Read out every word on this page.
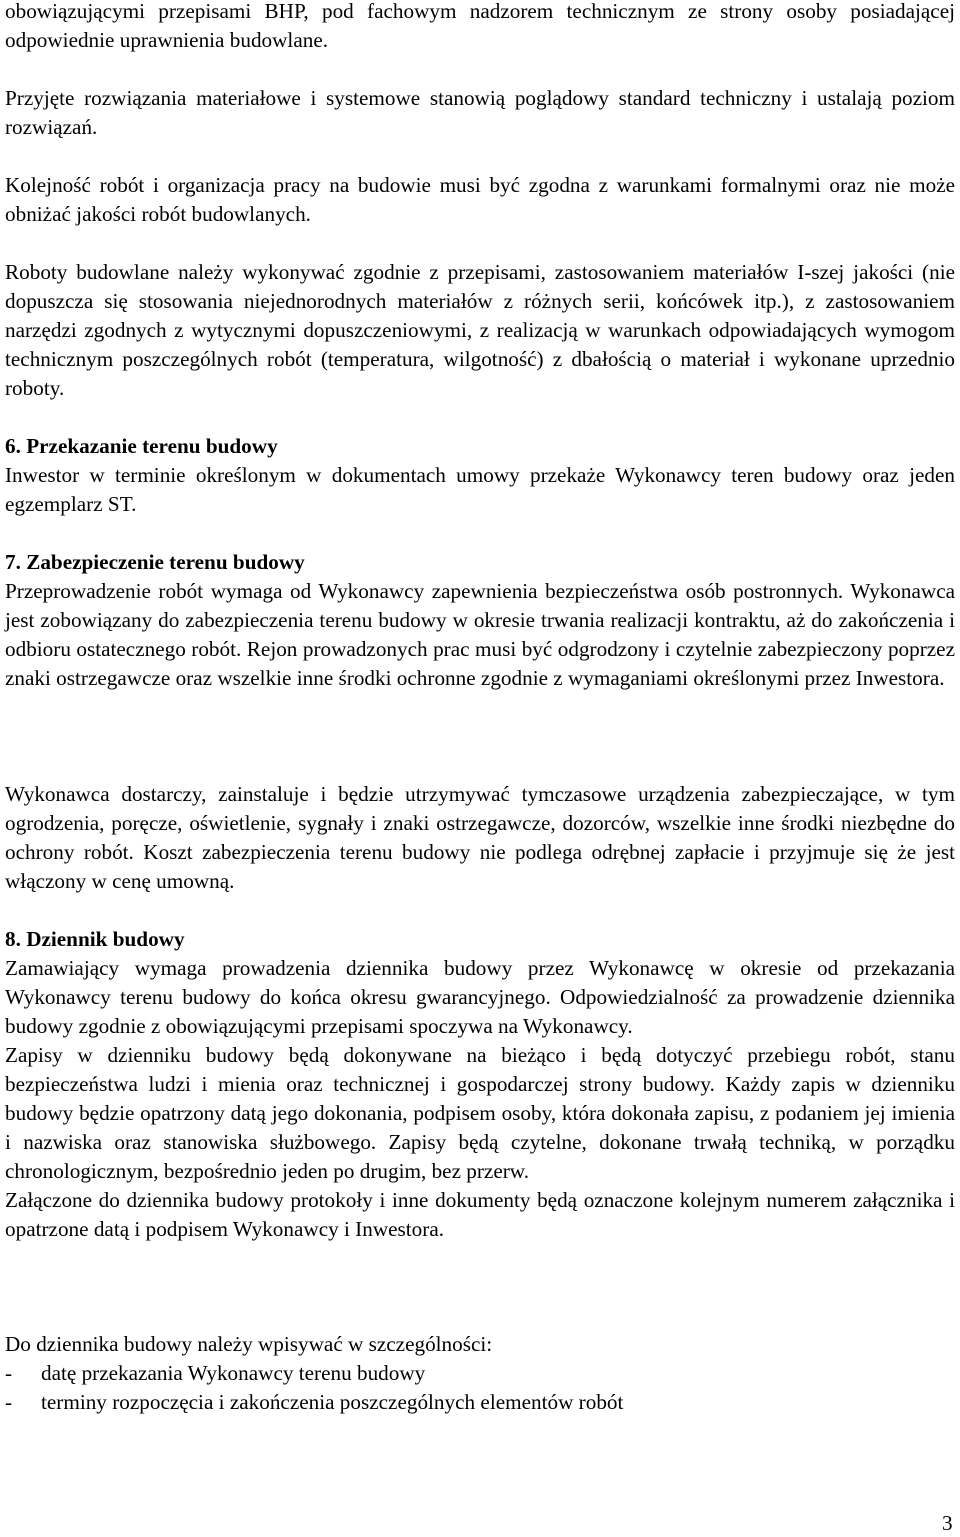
obowiązującymi przepisami BHP, pod fachowym nadzorem technicznym ze strony osoby posiadającej odpowiednie uprawnienia budowlane.

Przyjęte rozwiązania materiałowe i systemowe stanowią poglądowy standard techniczny i ustalają poziom rozwiązań.

Kolejność robót i organizacja pracy na budowie musi być zgodna z warunkami formalnymi oraz nie może obniżać jakości robót budowlanych.

Roboty budowlane należy wykonywać zgodnie z przepisami, zastosowaniem materiałów I-szej jakości (nie dopuszcza się stosowania niejednorodnych materiałów z różnych serii, końcówek itp.), z zastosowaniem narzędzi zgodnych z wytycznymi dopuszczeniowymi, z realizacją w warunkach odpowiadających wymogom technicznym poszczególnych robót (temperatura, wilgotność) z dbałością o materiał i wykonane uprzednio roboty.

6. Przekazanie terenu budowy

Inwestor w terminie określonym w dokumentach umowy przekaże Wykonawcy teren budowy oraz jeden egzemplarz ST.

7. Zabezpieczenie terenu budowy

Przeprowadzenie robót wymaga od Wykonawcy zapewnienia bezpieczeństwa osób postronnych. Wykonawca jest zobowiązany do zabezpieczenia terenu budowy w okresie trwania realizacji kontraktu, aż do zakończenia i odbioru ostatecznego robót. Rejon prowadzonych prac musi być odgrodzony i czytelnie zabezpieczony poprzez znaki ostrzegawcze oraz wszelkie inne środki ochronne zgodnie z wymaganiami określonymi przez Inwestora.

Wykonawca dostarczy, zainstaluje i będzie utrzymywać tymczasowe urządzenia zabezpieczające, w tym ogrodzenia, poręcze, oświetlenie, sygnały i znaki ostrzegawcze, dozorców, wszelkie inne środki niezbędne do ochrony robót. Koszt zabezpieczenia terenu budowy nie podlega odrębnej zapłacie i przyjmuje się że jest włączony w cenę umowną.

8. Dziennik budowy

Zamawiający wymaga prowadzenia dziennika budowy przez Wykonawcę w okresie od przekazania Wykonawcy terenu budowy do końca okresu gwarancyjnego. Odpowiedzialność za prowadzenie dziennika budowy zgodnie z obowiązującymi przepisami spoczywa na Wykonawcy.

Zapisy w dzienniku budowy będą dokonywane na bieżąco i będą dotyczyć przebiegu robót, stanu bezpieczeństwa ludzi i mienia oraz technicznej i gospodarczej strony budowy. Każdy zapis w dzienniku budowy będzie opatrzony datą jego dokonania, podpisem osoby, która dokonała zapisu, z podaniem jej imienia i nazwiska oraz stanowiska służbowego. Zapisy będą czytelne, dokonane trwałą techniką, w porządku chronologicznym, bezpośrednio jeden po drugim, bez przerw.

Załączone do dziennika budowy protokoły i inne dokumenty będą oznaczone kolejnym numerem załącznika i opatrzone datą i podpisem Wykonawcy i Inwestora.

Do dziennika budowy należy wpisywać w szczególności:

- datę przekazania Wykonawcy terenu budowy
- terminy rozpoczęcia i zakończenia poszczególnych elementów robót
3
